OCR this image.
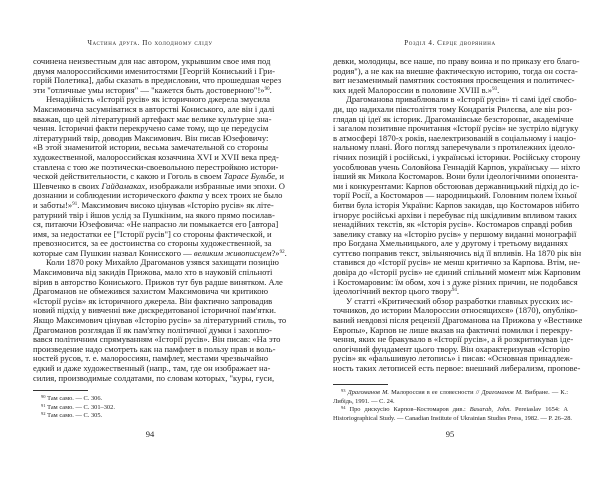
Частина друга. По холодному сліду
сочинена неизвестным для нас автором, укрывшим свое имя под
двумя малороссийскими именитостями [Георгій Кониський і Гри-
горій Полетика], дабы сказать в предисловии, что прошедшая через
эти "отличные умы история" — "кажется быть достоверною"!»$^{90}$.
Ненадійність «Історії русів» як історичного джерела змусила
Максимовича засумніватися в авторстві Кониського, але він і далі
вважав, що цей літературний артефакт має велике культурне зна-
чення. Історичні факти перекручено саме тому, що це передусім
літературний твір, доводив Максимович. Він писав Юзефовичу:
«В этой знаменитой истории, весьма замечательной со стороны
художественной, малороссийская козаччина XVI и XVII века пред-
ставлена с тою же поэтически-своевольною перестройкою истори-
ческой действительности, с какою и Гоголь в своем Тарасе Бульбе, и
Шевченко в своих Гайдамаках, изображали избранные ими эпохи. О
дознании и соблюдении исторического факта у всех троих не было
и заботы!»$^{91}$. Максимович високо цінував «Історію русів» як літе-
ратурний твір і йшов услід за Пушкіним, на якого прямо посилав-
ся, питаючи Юзефовича: «Не напрасно ли помыкается его [автора]
имя, за недостатки ее ["Історії русів"] со стороны фактической, и
превозносится, за ее достоинства со стороны художественной, за
которые сам Пушкин назвал Конисского — великим живописцем?»$^{92}$.
Коли 1870 року Михайло Драгоманов узявся захищати позицію
Максимовича від закидів Прижова, мало хто в науковій спільноті
вірив в авторство Кониського. Прижов тут був радше винятком. Але
Драгоманов не обмежився захистом Максимовича чи критикою
«Історії русів» як історичного джерела. Він фактично запровадив
новий підхід у вивченні вже дискредитованої історичної пам'ятки.
Якщо Максимович цінував «Історію русів» за літературний стиль, то
Драгоманов розглядав її як пам'ятку політичної думки і захоплю-
вався політичним спрямуванням «Історії русів». Він писав: «На это
произведение надо смотреть как на памфлет в пользу прав и воль-
ностей русов, т. е. малороссиян, памфлет, местами чрезвычайно
едкий и даже художественный (напр., там, где он изображает на-
силия, производимые солдатами, по словам которых, "куры, гуси,
$^{90}$ Там само. — С. 306.
$^{91}$ Там само. — С. 301–302.
$^{92}$ Там само. — С. 305.
94
Розділ 4. Серце дворянина
девки, молодицы, все наше, по праву воина и по приказу его благо-
родия"), а не как на внешне фактическую историю, тогда он соста-
вит незаменимый памятник состояния просвещения и политичес-
ких идей Малороссии в половине XVIII в.»$^{93}$.
Драгоманова приваблювали в «Історії русів» ті самі ідеї свобо-
ди, що надихали півстоліття тому Кондратія Рилєєва, але він роз-
глядав ці ідеї як історик. Драгоманівське безстороннє, академічне
і загалом позитивне прочитання «Історії русів» не зустріло відгуку
в атмосфері 1870-х років, наелектризованій в соціальному і націо-
нальному плані. Його погляд заперечували з протилежних ідеоло-
гічних позицій і російські, і українські історики. Російську сторону
уособлював учень Соловйова Геннадій Карпов, українську — ніхто
інший як Микола Костомаров. Вони були ідеологічними опонента-
ми і конкурентами: Карпов обстоював державницький підхід до іс-
торії Росії, а Костомаров — народницький. Головним полем їхньої
битви була історія України: Карпов закидав, що Костомаров нібито
ігнорує російські архіви і перебуває під шкідливим впливом таких
ненадійних текстів, як «Історія русів». Костомаров справді робив
завелику ставку на «Історію русів» у першому виданні монографії
про Богдана Хмельницького, але у другому і третьому виданнях
суттєво поправив текст, звільняючись від її впливів. На 1870 рік він
ставився до «Історії русів» не менш критично за Карпова. Втім, не-
довіра до «Історії русів» не єдиний спільний момент між Карповим
і Костомаровим: їм обом, хоч і з дуже різних причин, не подобався
ідеологічний вектор цього твору$^{94}$.
У статті «Критический обзор разработки главных русских ис-
точников, до истории Малороссии относящихся» (1870), опубліко-
ваний невдовзі після рецензії Драгоманова на Прижова у «Вестнике
Европы», Карпов не лише вказав на фактичні помилки і перекру-
чення, яких не бракувало в «Історії русів», а й розкритикував іде-
ологічний фундамент цього твору. Він охарактеризував «Історію
русів» як «фальшивую летопись» і писав: «Основная принадлеж-
ность таких летописей есть первое: внешний либерализм, пропове-
$^{93}$ Драгоманов М. Малороссия в ее словесности // Драгоманов М. Вибране. — К.:
Либідь, 1991. — С. 24.
$^{94}$ Про дискусію Карпов–Костомаров див.: Basarab, John. Pereiaslav 1654: A
Historiographical Study. — Canadian Institute of Ukrainian Studies Press, 1982. — P. 26–28.
95
